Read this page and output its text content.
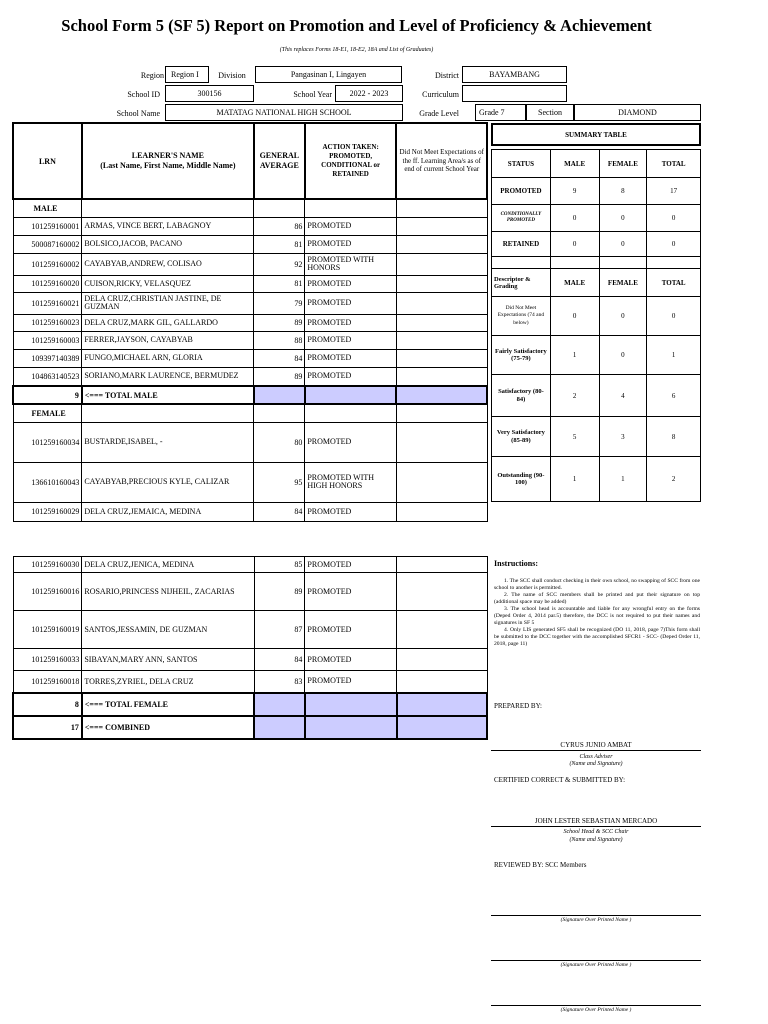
School Form 5 (SF 5) Report on Promotion and Level of Proficiency & Achievement
(This replaces Forms 18-E1, 18-E2, 18A and List of Graduates)
Region Region I	Division	Pangasinan I, Lingayen	District	BAYAMBANG
School ID	300156	School Year	2022 - 2023	Curriculum
School Name	MATATAG NATIONAL HIGH SCHOOL	Grade Level	Grade 7	Section	DIAMOND
LRN	LEARNER'S NAME
(Last Name, First Name, Middle Name)	GENERAL AVERAGE	ACTION TAKEN: PROMOTED, CONDITIONAL or RETAINED	Did Not Meet Expectations of the ff. Learning Area/s as of end of current School Year
MALE				
101259160001	ARMAS, VINCE BERT, LABAGNOY	86	PROMOTED	
500087160002	BOLSICO,JACOB, PACANO	81	PROMOTED	
101259160002	CAYABYAB,ANDREW, COLISAO	92	PROMOTED WITH HONORS	
101259160020	CUISON,RICKY, VELASQUEZ	81	PROMOTED	
101259160021	DELA CRUZ,CHRISTIAN JASTINE, DE GUZMAN	79	PROMOTED	
101259160023	DELA CRUZ,MARK GIL, GALLARDO	89	PROMOTED	
101259160003	FERRER,JAYSON, CAYABYAB	88	PROMOTED	
109397140389	FUNGO,MICHAEL ARN, GLORIA	84	PROMOTED	
104863140523	SORIANO,MARK LAURENCE, BERMUDEZ	89	PROMOTED	
9	<=== TOTAL MALE			
FEMALE				
101259160034	BUSTARDE,ISABEL, -	80	PROMOTED	
136610160043	CAYABYAB,PRECIOUS KYLE, CALIZAR	95	PROMOTED WITH HIGH HONORS	
101259160029	DELA CRUZ,JEMAICA, MEDINA	84	PROMOTED	
101259160030	DELA CRUZ,JENICA, MEDINA	85	PROMOTED	
101259160016	ROSARIO,PRINCESS NIJHEIL, ZACARIAS	89	PROMOTED	
101259160019	SANTOS,JESSAMIN, DE GUZMAN	87	PROMOTED	
101259160033	SIBAYAN,MARY ANN, SANTOS	84	PROMOTED	
101259160018	TORRES,ZYRIEL, DELA CRUZ	83	PROMOTED	
8	<=== TOTAL FEMALE			
17	<=== COMBINED			
SUMMARY TABLE
STATUS	MALE	FEMALE	TOTAL
PROMOTED	9	8	17
CONDITIONALLY PROMOTED	0	0	0
RETAINED	0	0	0

Descriptor & Grading	MALE	FEMALE	TOTAL
Did Not Meet Expectations (74 and below)	0	0	0
Fairly Satisfactory (75-79)	1	0	1
Satisfactory (80-84)	2	4	6
Very Satisfactory (85-89)	5	3	8
Outstanding (90-100)	1	1	2
Instructions:
1. The SCC shall conduct checking in their own school, no swapping of SCC from one school to another is permitted.
2. The name of SCC members shall be printed and put their signature on top (additional space may be added)
3. The school head is accountable and liable for any wrongful entry on the forms (Deped Order 4, 2014 par.5) therefore, the DCC is not required to put their names and signatures in SF 5
4. Only LIS generated SF5 shall be recognized (DO 11, 2018, page 7)This form shall be submitted to the DCC together with the accomplished SFCR1 - SCC- (Deped Order 11, 2018, page 11)
PREPARED BY:
CYRUS JUNIO AMBAT
Class Adviser
(Name and Signature)
CERTIFIED CORRECT & SUBMITTED BY:
JOHN LESTER SEBASTIAN MERCADO
School Head & SCC Chair
(Name and Signature)
REVIEWED BY: SCC Members
(Signature Over Printed Name )
(Signature Over Printed Name )
(Signature Over Printed Name )
